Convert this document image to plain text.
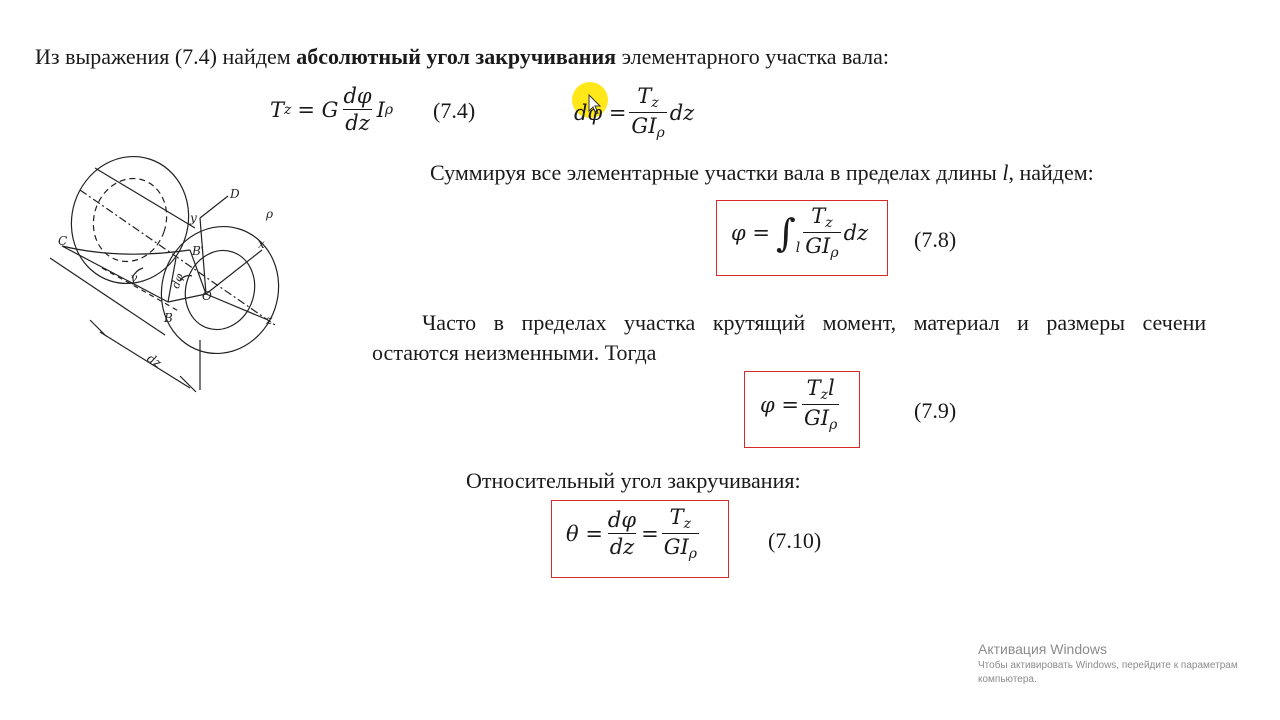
Из выражения (7.4) найдем абсолютный угол закручивания элементарного участка вала:
T z = G $\frac{d\varphi}{dz}$ I ρ (7.4)	$d\varphi = \frac{T_z}{GI_\rho}$ dz
Суммируя все элементарные участки вала в пределах длины l, найдем:
$\varphi = \int_l \frac{T_z}{GI_\rho}$ dz (7.8)
Часто в пределах участка крутящий момент, материал и размеры сечени
остаются неизменными. Тогда
$\varphi = \frac{T_zl}{GI_\rho}$	(7.9)
Относительный угол закручивания:
$\theta = \frac{d\varphi}{dz} = \frac{T_z}{GI_\rho}$	(7.10)
C
D
y	ρ
x
B′
γ	dφ
O
B	z
dz
Активация Windows
Чтобы активировать Windows, перейдите к параметрам
компьютера.
